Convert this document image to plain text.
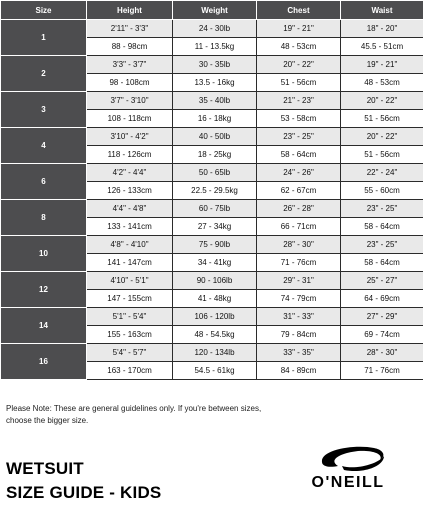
Size	Height	Weight	Chest	Waist
1	2'11" - 3'3"	24 - 30lb	19" - 21"	18" - 20"
	88 - 98cm	11 - 13.5kg	48 - 53cm	45.5 - 51cm
2	3'3" - 3'7"	30 - 35lb	20" - 22"	19" - 21"
	98 - 108cm	13.5 - 16kg	51 - 56cm	48 - 53cm
3	3'7" - 3'10"	35 - 40lb	21" - 23"	20" - 22"
	108 - 118cm	16 - 18kg	53 - 58cm	51 - 56cm
4	3'10" - 4'2"	40 - 50lb	23" - 25"	20" - 22"
	118 - 126cm	18 - 25kg	58 - 64cm	51 - 56cm
6	4'2" - 4'4"	50 - 65lb	24" - 26"	22" - 24"
	126 - 133cm	22.5 - 29.5kg	62 - 67cm	55 - 60cm
8	4'4" - 4'8"	60 - 75lb	26" - 28"	23" - 25"
	133 - 141cm	27 - 34kg	66 - 71cm	58 - 64cm
10	4'8" - 4'10"	75 - 90lb	28" - 30"	23" - 25"
	141 - 147cm	34 - 41kg	71 - 76cm	58 - 64cm
12	4'10" - 5'1"	90 - 106lb	29" - 31"	25" - 27"
	147 - 155cm	41 - 48kg	74 - 79cm	64 - 69cm
14	5'1" - 5'4"	106 - 120lb	31" - 33"	27" - 29"
	155 - 163cm	48 - 54.5kg	79 - 84cm	69 - 74cm
16	5'4" - 5'7"	120 - 134lb	33" - 35"	28" - 30"
	163 - 170cm	54.5 - 61kg	84 - 89cm	71 - 76cm
Please Note: These are general guidelines only. If you're between sizes, choose the bigger size.
WETSUIT
SIZE GUIDE - KIDS
O'NEILL
